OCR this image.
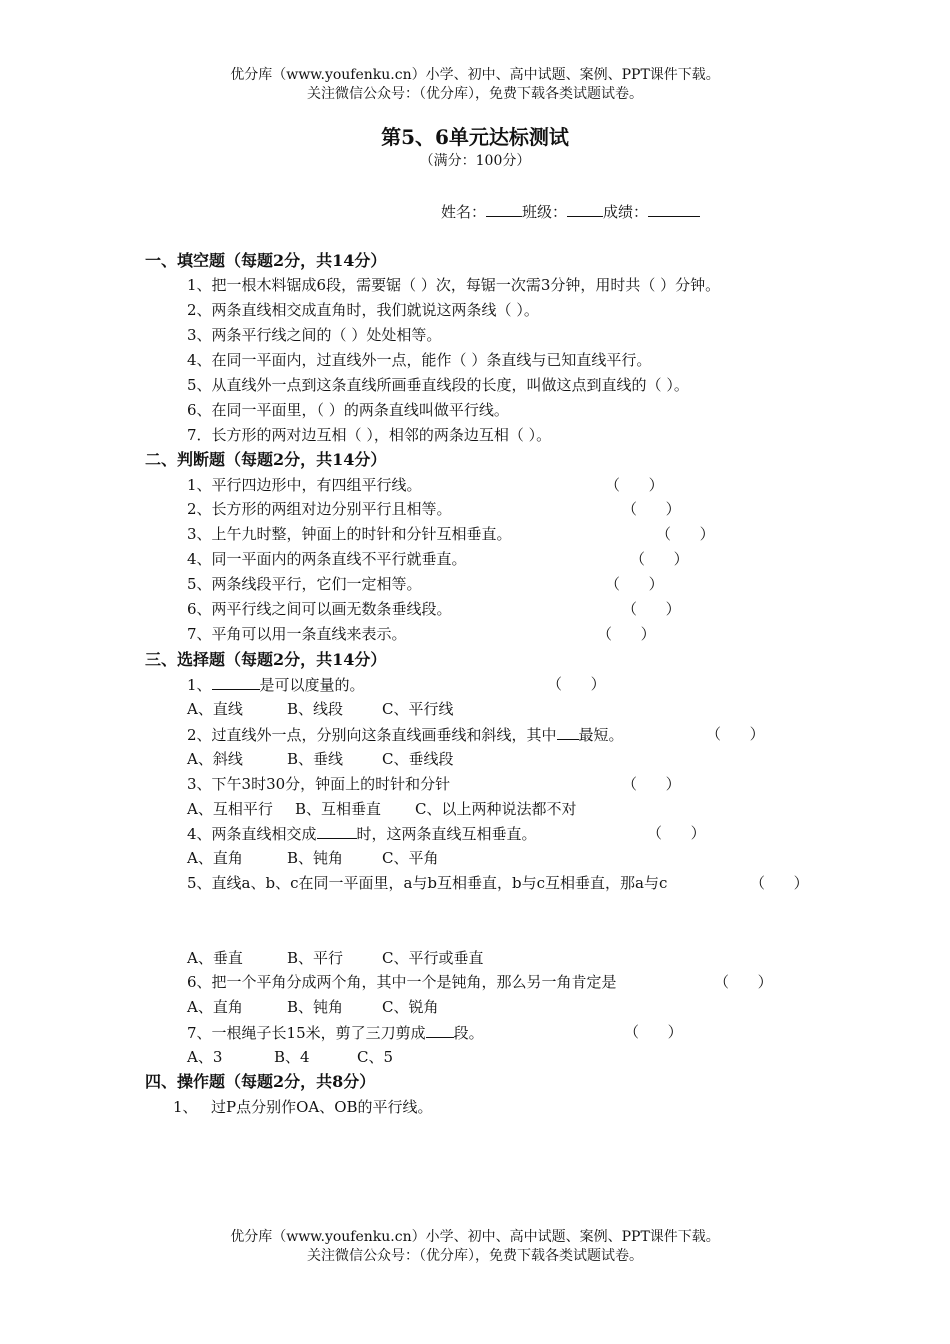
优分库（www.youfenku.cn）小学、初中、高中试题、案例、PPT课件下载。
关注微信公众号：（优分库），免费下载各类试题试卷。
第5、6单元达标测试
（满分：100分）
姓名： 班级： 成绩：
一、填空题（每题2分，共14分）
1、把一根木料锯成6段，需要锯（ ）次，每锯一次需3分钟，用时共（ ）分钟。
2、两条直线相交成直角时，我们就说这两条线（ ）。
3、两条平行线之间的（ ）处处相等。
4、在同一平面内，过直线外一点，能作（ ）条直线与已知直线平行。
5、从直线外一点到这条直线所画垂直线段的长度，叫做这点到直线的（ ）。
6、在同一平面里，（ ）的两条直线叫做平行线。
7．长方形的两对边互相（ ），相邻的两条边互相（ ）。
二、判断题（每题2分，共14分）
1、平行四边形中，有四组平行线。	（      ）
2、长方形的两组对边分别平行且相等。	（      ）
3、上午九时整，钟面上的时针和分针互相垂直。	（      ）
4、同一平面内的两条直线不平行就垂直。	（      ）
5、两条线段平行，它们一定相等。	（      ）
6、两平行线之间可以画无数条垂线段。	（      ）
7、平角可以用一条直线来表示。	（      ）
三、选择题（每题2分，共14分）
1、	是可以度量的。	（      ）
A、直线	B、线段	C、平行线
2、过直线外一点，分别向这条直线画垂线和斜线，其中 最短。	（      ）
A、斜线	B、垂线	C、垂线段
3、下午3时30分，钟面上的时针和分针	（      ）
A、互相平行 B、互相垂直 C、以上两种说法都不对
4、两条直线相交成	时，这两条直线互相垂直。	（      ）
A、直角	B、钝角	C、平角
5、直线a、b、c在同一平面里，a与b互相垂直，b与c互相垂直，那a与c	（      ）
A、垂直	B、平行	C、平行或垂直
6、把一个平角分成两个角，其中一个是钝角，那么另一角肯定是	（      ）
A、直角	B、钝角	C、锐角
7、一根绳子长15米，剪了三刀剪成 段。	（      ）
A、3	B、4	C、5
四、操作题（每题2分，共8分）
1、 过P点分别作OA、OB的平行线。
优分库（www.youfenku.cn）小学、初中、高中试题、案例、PPT课件下载。
关注微信公众号：（优分库），免费下载各类试题试卷。
